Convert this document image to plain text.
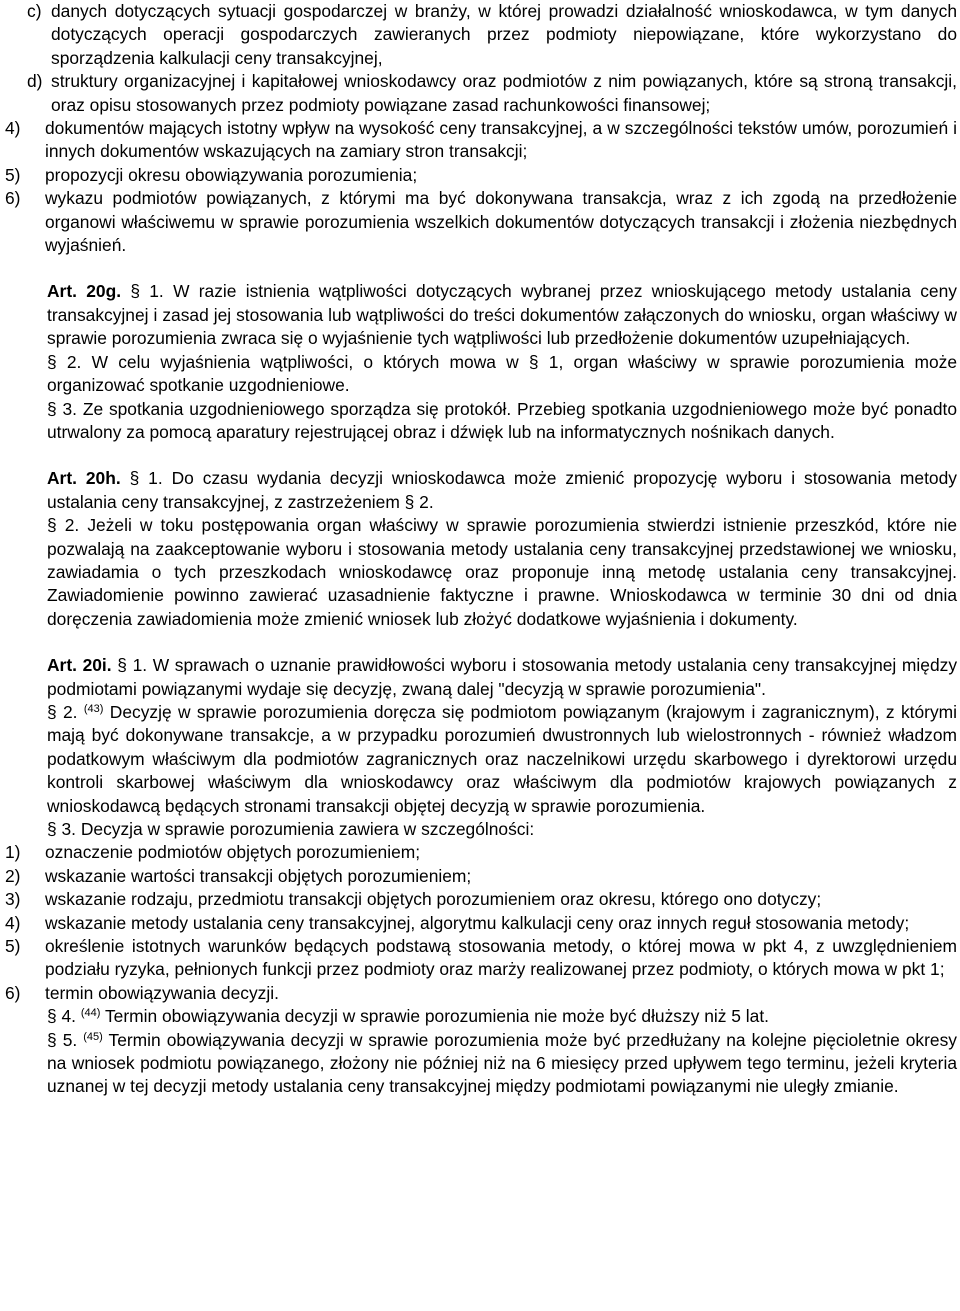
c) danych dotyczących sytuacji gospodarczej w branży, w której prowadzi działalność wnioskodawca, w tym danych dotyczących operacji gospodarczych zawieranych przez podmioty niepowiązane, które wykorzystano do sporządzenia kalkulacji ceny transakcyjnej,
d) struktury organizacyjnej i kapitałowej wnioskodawcy oraz podmiotów z nim powiązanych, które są stroną transakcji, oraz opisu stosowanych przez podmioty powiązane zasad rachunkowości finansowej;
4)	dokumentów mających istotny wpływ na wysokość ceny transakcyjnej, a w szczególności tekstów umów, porozumień i innych dokumentów wskazujących na zamiary stron transakcji;
5)	propozycji okresu obowiązywania porozumienia;
6)	wykazu podmiotów powiązanych, z którymi ma być dokonywana transakcja, wraz z ich zgodą na przedłożenie organowi właściwemu w sprawie porozumienia wszelkich dokumentów dotyczących transakcji i złożenia niezbędnych wyjaśnień.

Art. 20g. § 1. W razie istnienia wątpliwości dotyczących wybranej przez wnioskującego metody ustalania ceny transakcyjnej i zasad jej stosowania lub wątpliwości do treści dokumentów załączonych do wniosku, organ właściwy w sprawie porozumienia zwraca się o wyjaśnienie tych wątpliwości lub przedłożenie dokumentów uzupełniających.

§ 2. W celu wyjaśnienia wątpliwości, o których mowa w § 1, organ właściwy w sprawie porozumienia może organizować spotkanie uzgodnieniowe.

§ 3. Ze spotkania uzgodnieniowego sporządza się protokół. Przebieg spotkania uzgodnieniowego może być ponadto utrwalony za pomocą aparatury rejestrującej obraz i dźwięk lub na informatycznych nośnikach danych.

Art. 20h. § 1. Do czasu wydania decyzji wnioskodawca może zmienić propozycję wyboru i stosowania metody ustalania ceny transakcyjnej, z zastrzeżeniem § 2.

§ 2. Jeżeli w toku postępowania organ właściwy w sprawie porozumienia stwierdzi istnienie przeszkód, które nie pozwalają na zaakceptowanie wyboru i stosowania metody ustalania ceny transakcyjnej przedstawionej we wniosku, zawiadamia o tych przeszkodach wnioskodawcę oraz proponuje inną metodę ustalania ceny transakcyjnej. Zawiadomienie powinno zawierać uzasadnienie faktyczne i prawne. Wnioskodawca w terminie 30 dni od dnia doręczenia zawiadomienia może zmienić wniosek lub złożyć dodatkowe wyjaśnienia i dokumenty.

Art. 20i. § 1. W sprawach o uznanie prawidłowości wyboru i stosowania metody ustalania ceny transakcyjnej między podmiotami powiązanymi wydaje się decyzję, zwaną dalej "decyzją w sprawie porozumienia".

§ 2. $^{(43)}$ Decyzję w sprawie porozumienia doręcza się podmiotom powiązanym (krajowym i zagranicznym), z którymi mają być dokonywane transakcje, a w przypadku porozumień dwustronnych lub wielostronnych - również władzom podatkowym właściwym dla podmiotów zagranicznych oraz naczelnikowi urzędu skarbowego i dyrektorowi urzędu kontroli skarbowej właściwym dla wnioskodawcy oraz właściwym dla podmiotów krajowych powiązanych z wnioskodawcą będących stronami transakcji objętej decyzją w sprawie porozumienia.

§ 3. Decyzja w sprawie porozumienia zawiera w szczególności:

1)	oznaczenie podmiotów objętych porozumieniem;
2)	wskazanie wartości transakcji objętych porozumieniem;
3)	wskazanie rodzaju, przedmiotu transakcji objętych porozumieniem oraz okresu, którego ono dotyczy;
4)	wskazanie metody ustalania ceny transakcyjnej, algorytmu kalkulacji ceny oraz innych reguł stosowania metody;
5)	określenie istotnych warunków będących podstawą stosowania metody, o której mowa w pkt 4, z uwzględnieniem podziału ryzyka, pełnionych funkcji przez podmioty oraz marży realizowanej przez podmioty, o których mowa w pkt 1;
6)	termin obowiązywania decyzji.

§ 4. $^{(44)}$ Termin obowiązywania decyzji w sprawie porozumienia nie może być dłuższy niż 5 lat.

§ 5. $^{(45)}$ Termin obowiązywania decyzji w sprawie porozumienia może być przedłużany na kolejne pięcioletnie okresy na wniosek podmiotu powiązanego, złożony nie później niż na 6 miesięcy przed upływem tego terminu, jeżeli kryteria uznanej w tej decyzji metody ustalania ceny transakcyjnej między podmiotami powiązanymi nie uległy zmianie.
